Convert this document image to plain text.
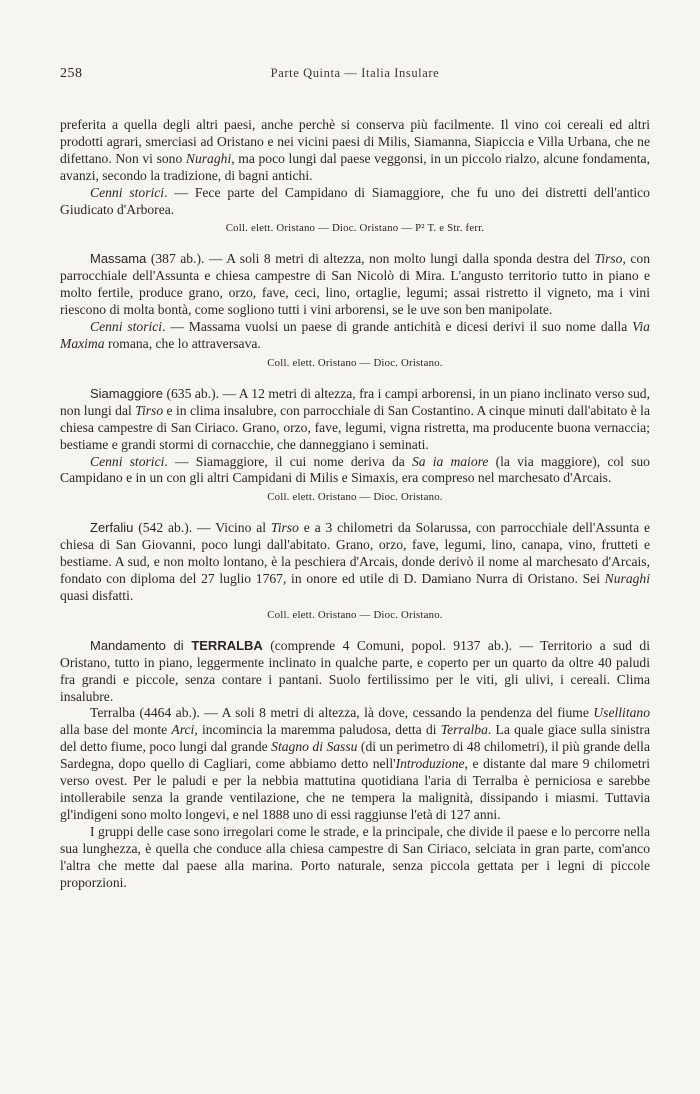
258	Parte Quinta — Italia Insulare

preferita a quella degli altri paesi, anche perchè si conserva più facilmente. Il vino coi cereali ed altri prodotti agrari, smerciasi ad Oristano e nei vicini paesi di Milis, Siamanna, Siapiccia e Villa Urbana, che ne difettano. Non vi sono Nuraghi, ma poco lungi dal paese veggonsi, in un piccolo rialzo, alcune fondamenta, avanzi, secondo la tradizione, di bagni antichi.

Cenni storici. — Fece parte del Campidano di Siamaggiore, che fu uno dei distretti dell'antico Giudicato d'Arborea.

Coll. elett. Oristano — Dioc. Oristano — P² T. e Str. ferr.

Massama (387 ab.). — A soli 8 metri di altezza, non molto lungi dalla sponda destra del Tirso, con parrocchiale dell'Assunta e chiesa campestre di San Nicolò di Mira. L'angusto territorio tutto in piano e molto fertile, produce grano, orzo, fave, ceci, lino, ortaglie, legumi; assai ristretto il vigneto, ma i vini riescono di molta bontà, come sogliono tutti i vini arborensi, se le uve son ben manipolate.

Cenni storici. — Massama vuolsi un paese di grande antichità e dicesi derivi il suo nome dalla Via Maxima romana, che lo attraversava.

Coll. elett. Oristano — Dioc. Oristano.

Siamaggiore (635 ab.). — A 12 metri di altezza, fra i campi arborensi, in un piano inclinato verso sud, non lungi dal Tirso e in clima insalubre, con parrocchiale di San Costantino. A cinque minuti dall'abitato è la chiesa campestre di San Ciriaco. Grano, orzo, fave, legumi, vigna ristretta, ma producente buona vernaccia; bestiame e grandi stormi di cornacchie, che danneggiano i seminati.

Cenni storici. — Siamaggiore, il cui nome deriva da Sa ia maiore (la via maggiore), col suo Campidano e in un con gli altri Campidani di Milis e Simaxis, era compreso nel marchesato d'Arcais.

Coll. elett. Oristano — Dioc. Oristano.

Zerfaliu (542 ab.). — Vicino al Tirso e a 3 chilometri da Solarussa, con parrocchiale dell'Assunta e chiesa di San Giovanni, poco lungi dall'abitato. Grano, orzo, fave, legumi, lino, canapa, vino, frutteti e bestiame. A sud, e non molto lontano, è la peschiera d'Arcais, donde derivò il nome al marchesato d'Arcais, fondato con diploma del 27 luglio 1767, in onore ed utile di D. Damiano Nurra di Oristano. Sei Nuraghi quasi disfatti.

Coll. elett. Oristano — Dioc. Oristano.

Mandamento di TERRALBA (comprende 4 Comuni, popol. 9137 ab.). — Territorio a sud di Oristano, tutto in piano, leggermente inclinato in qualche parte, e coperto per un quarto da oltre 40 paludi fra grandi e piccole, senza contare i pantani. Suolo fertilissimo per le viti, gli ulivi, i cereali. Clima insalubre.

Terralba (4464 ab.). — A soli 8 metri di altezza, là dove, cessando la pendenza del fiume Usellitano alla base del monte Arci, incomincia la maremma paludosa, detta di Terralba. La quale giace sulla sinistra del detto fiume, poco lungi dal grande Stagno di Sassu (di un perimetro di 48 chilometri), il più grande della Sardegna, dopo quello di Cagliari, come abbiamo detto nell'Introduzione, e distante dal mare 9 chilometri verso ovest. Per le paludi e per la nebbia mattutina quotidiana l'aria di Terralba è perniciosa e sarebbe intollerabile senza la grande ventilazione, che ne tempera la malignità, dissipando i miasmi. Tuttavia gl'indigeni sono molto longevi, e nel 1888 uno di essi raggiunse l'età di 127 anni.

I gruppi delle case sono irregolari come le strade, e la principale, che divide il paese e lo percorre nella sua lunghezza, è quella che conduce alla chiesa campestre di San Ciriaco, selciata in gran parte, com'anco l'altra che mette dal paese alla marina. Porto naturale, senza piccola gettata per i legni di piccole proporzioni.
